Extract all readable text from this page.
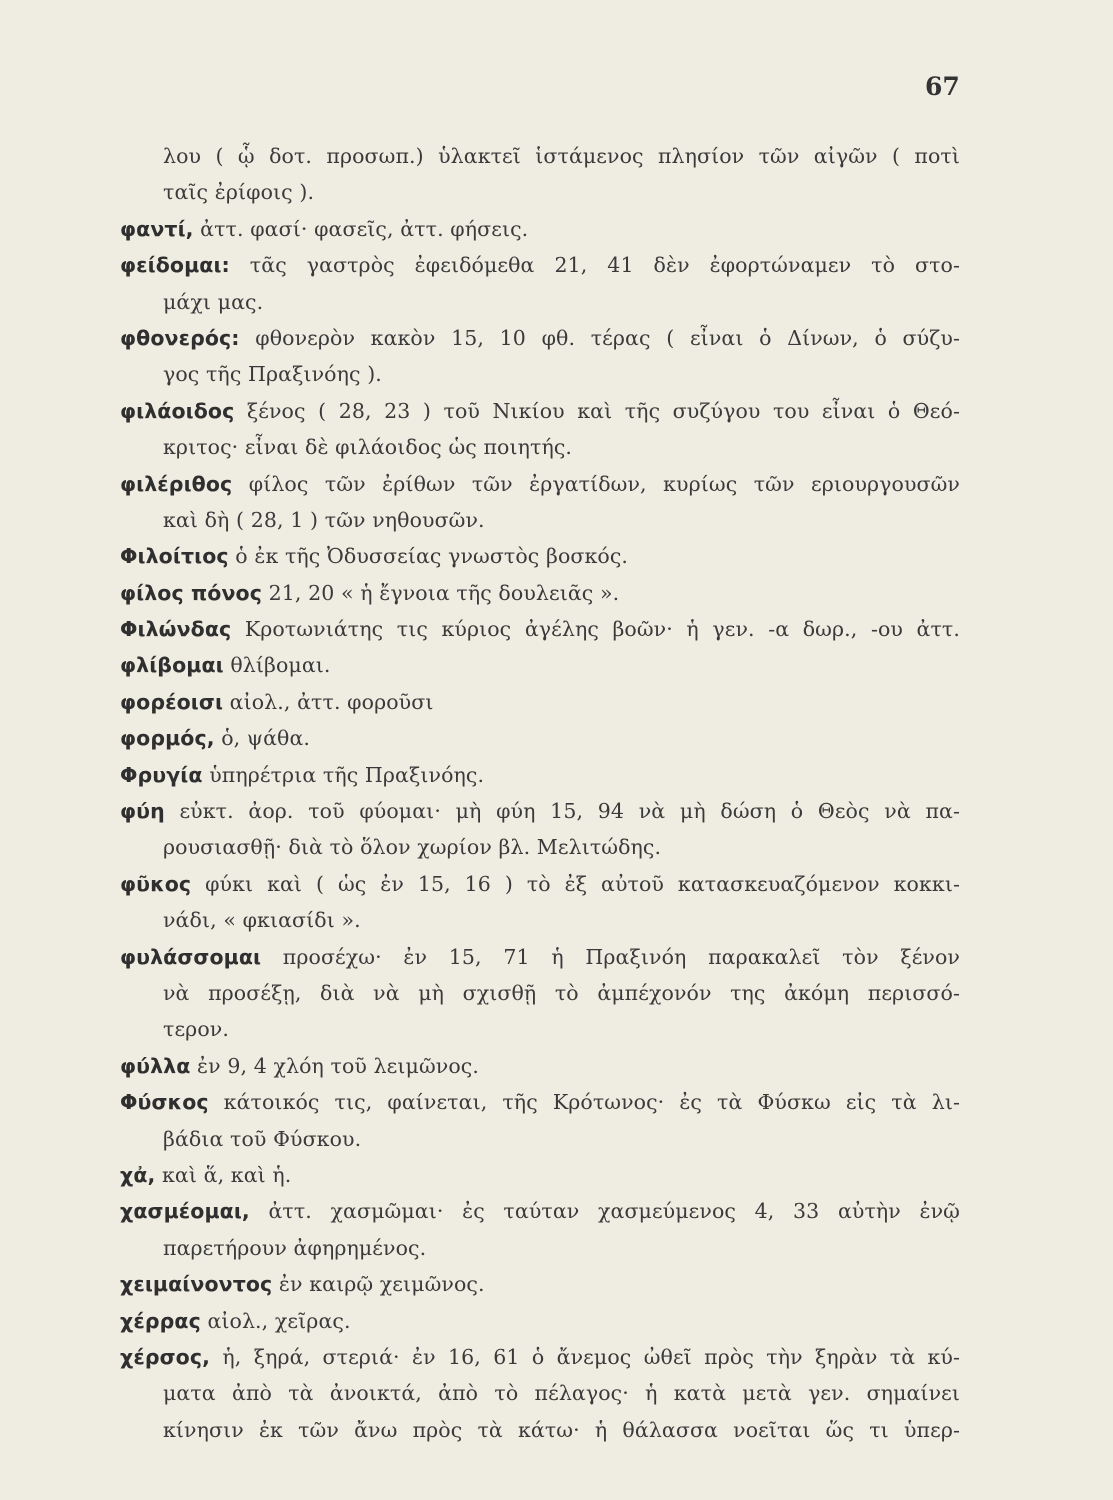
67
λου ( ᾧ δοτ. προσωπ.) ὑλακτεῖ ἱστάμενος πλησίον τῶν αἰγῶν ( ποτὶ
ταῖς ἐρίφοις ).
φαντί, ἀττ. φασί· φασεῖς, ἀττ. φήσεις.
φείδομαι: τᾶς γαστρὸς ἐφειδόμεθα 21, 41 δὲν ἐφορτώναμεν τὸ στο-
μάχι μας.
φθονερός: φθονερὸν κακὸν 15, 10 φθ. τέρας ( εἶναι ὁ Δίνων, ὁ σύζυ-
γος τῆς Πραξινόης ).
φιλάοιδος ξένος ( 28, 23 ) τοῦ Νικίου καὶ τῆς συζύγου του εἶναι ὁ Θεό-
κριτος· εἶναι δὲ φιλάοιδος ὡς ποιητής.
φιλέριθος φίλος τῶν ἐρίθων τῶν ἐργατίδων, κυρίως τῶν εριουργουσῶν
καὶ δὴ ( 28, 1 ) τῶν νηθουσῶν.
Φιλοίτιος ὁ ἐκ τῆς Ὀδυσσείας γνωστὸς βοσκός.
φίλος πόνος 21, 20 « ἡ ἔγνοια τῆς δουλειᾶς ».
Φιλώνδας Κροτωνιάτης τις κύριος ἀγέλης βοῶν· ἡ γεν. -α δωρ., -ου ἀττ.
φλίβομαι θλίβομαι.
φορέοισι αἰολ., ἀττ. φοροῦσι
φορμός, ὁ, ψάθα.
Φρυγία ὑπηρέτρια τῆς Πραξινόης.
φύη εὐκτ. ἀορ. τοῦ φύομαι· μὴ φύη 15, 94 νὰ μὴ δώση ὁ Θεὸς νὰ πα-
ρουσιασθῇ· διὰ τὸ ὅλον χωρίον βλ. Μελιτώδης.
φῦκος φύκι καὶ ( ὡς ἐν 15, 16 ) τὸ ἐξ αὐτοῦ κατασκευαζόμενον κοκκι-
νάδι, « φκιασίδι ».
φυλάσσομαι προσέχω· ἐν 15, 71 ἡ Πραξινόη παρακαλεῖ τὸν ξένον
νὰ προσέξῃ, διὰ νὰ μὴ σχισθῇ τὸ ἀμπέχονόν της ἀκόμη περισσό-
τερον.
φύλλα ἐν 9, 4 χλόη τοῦ λειμῶνος.
Φύσκος κάτοικός τις, φαίνεται, τῆς Κρότωνος· ἐς τὰ Φύσκω εἰς τὰ λι-
βάδια τοῦ Φύσκου.
χἀ, καὶ ἅ, καὶ ἡ.
χασμέομαι, ἀττ. χασμῶμαι· ἐς ταύταν χασμεύμενος 4, 33 αὐτὴν ἐνῷ
παρετήρουν ἀφηρημένος.
χειμαίνοντος ἐν καιρῷ χειμῶνος.
χέρρας αἰολ., χεῖρας.
χέρσος, ἡ, ξηρά, στεριά· ἐν 16, 61 ὁ ἄνεμος ὠθεῖ πρὸς τὴν ξηρὰν τὰ κύ-
ματα ἀπὸ τὰ ἀνοικτά, ἀπὸ τὸ πέλαγος· ἡ κατὰ μετὰ γεν. σημαίνει
κίνησιν ἐκ τῶν ἄνω πρὸς τὰ κάτω· ἡ θάλασσα νοεῖται ὥς τι ὑπερ-
